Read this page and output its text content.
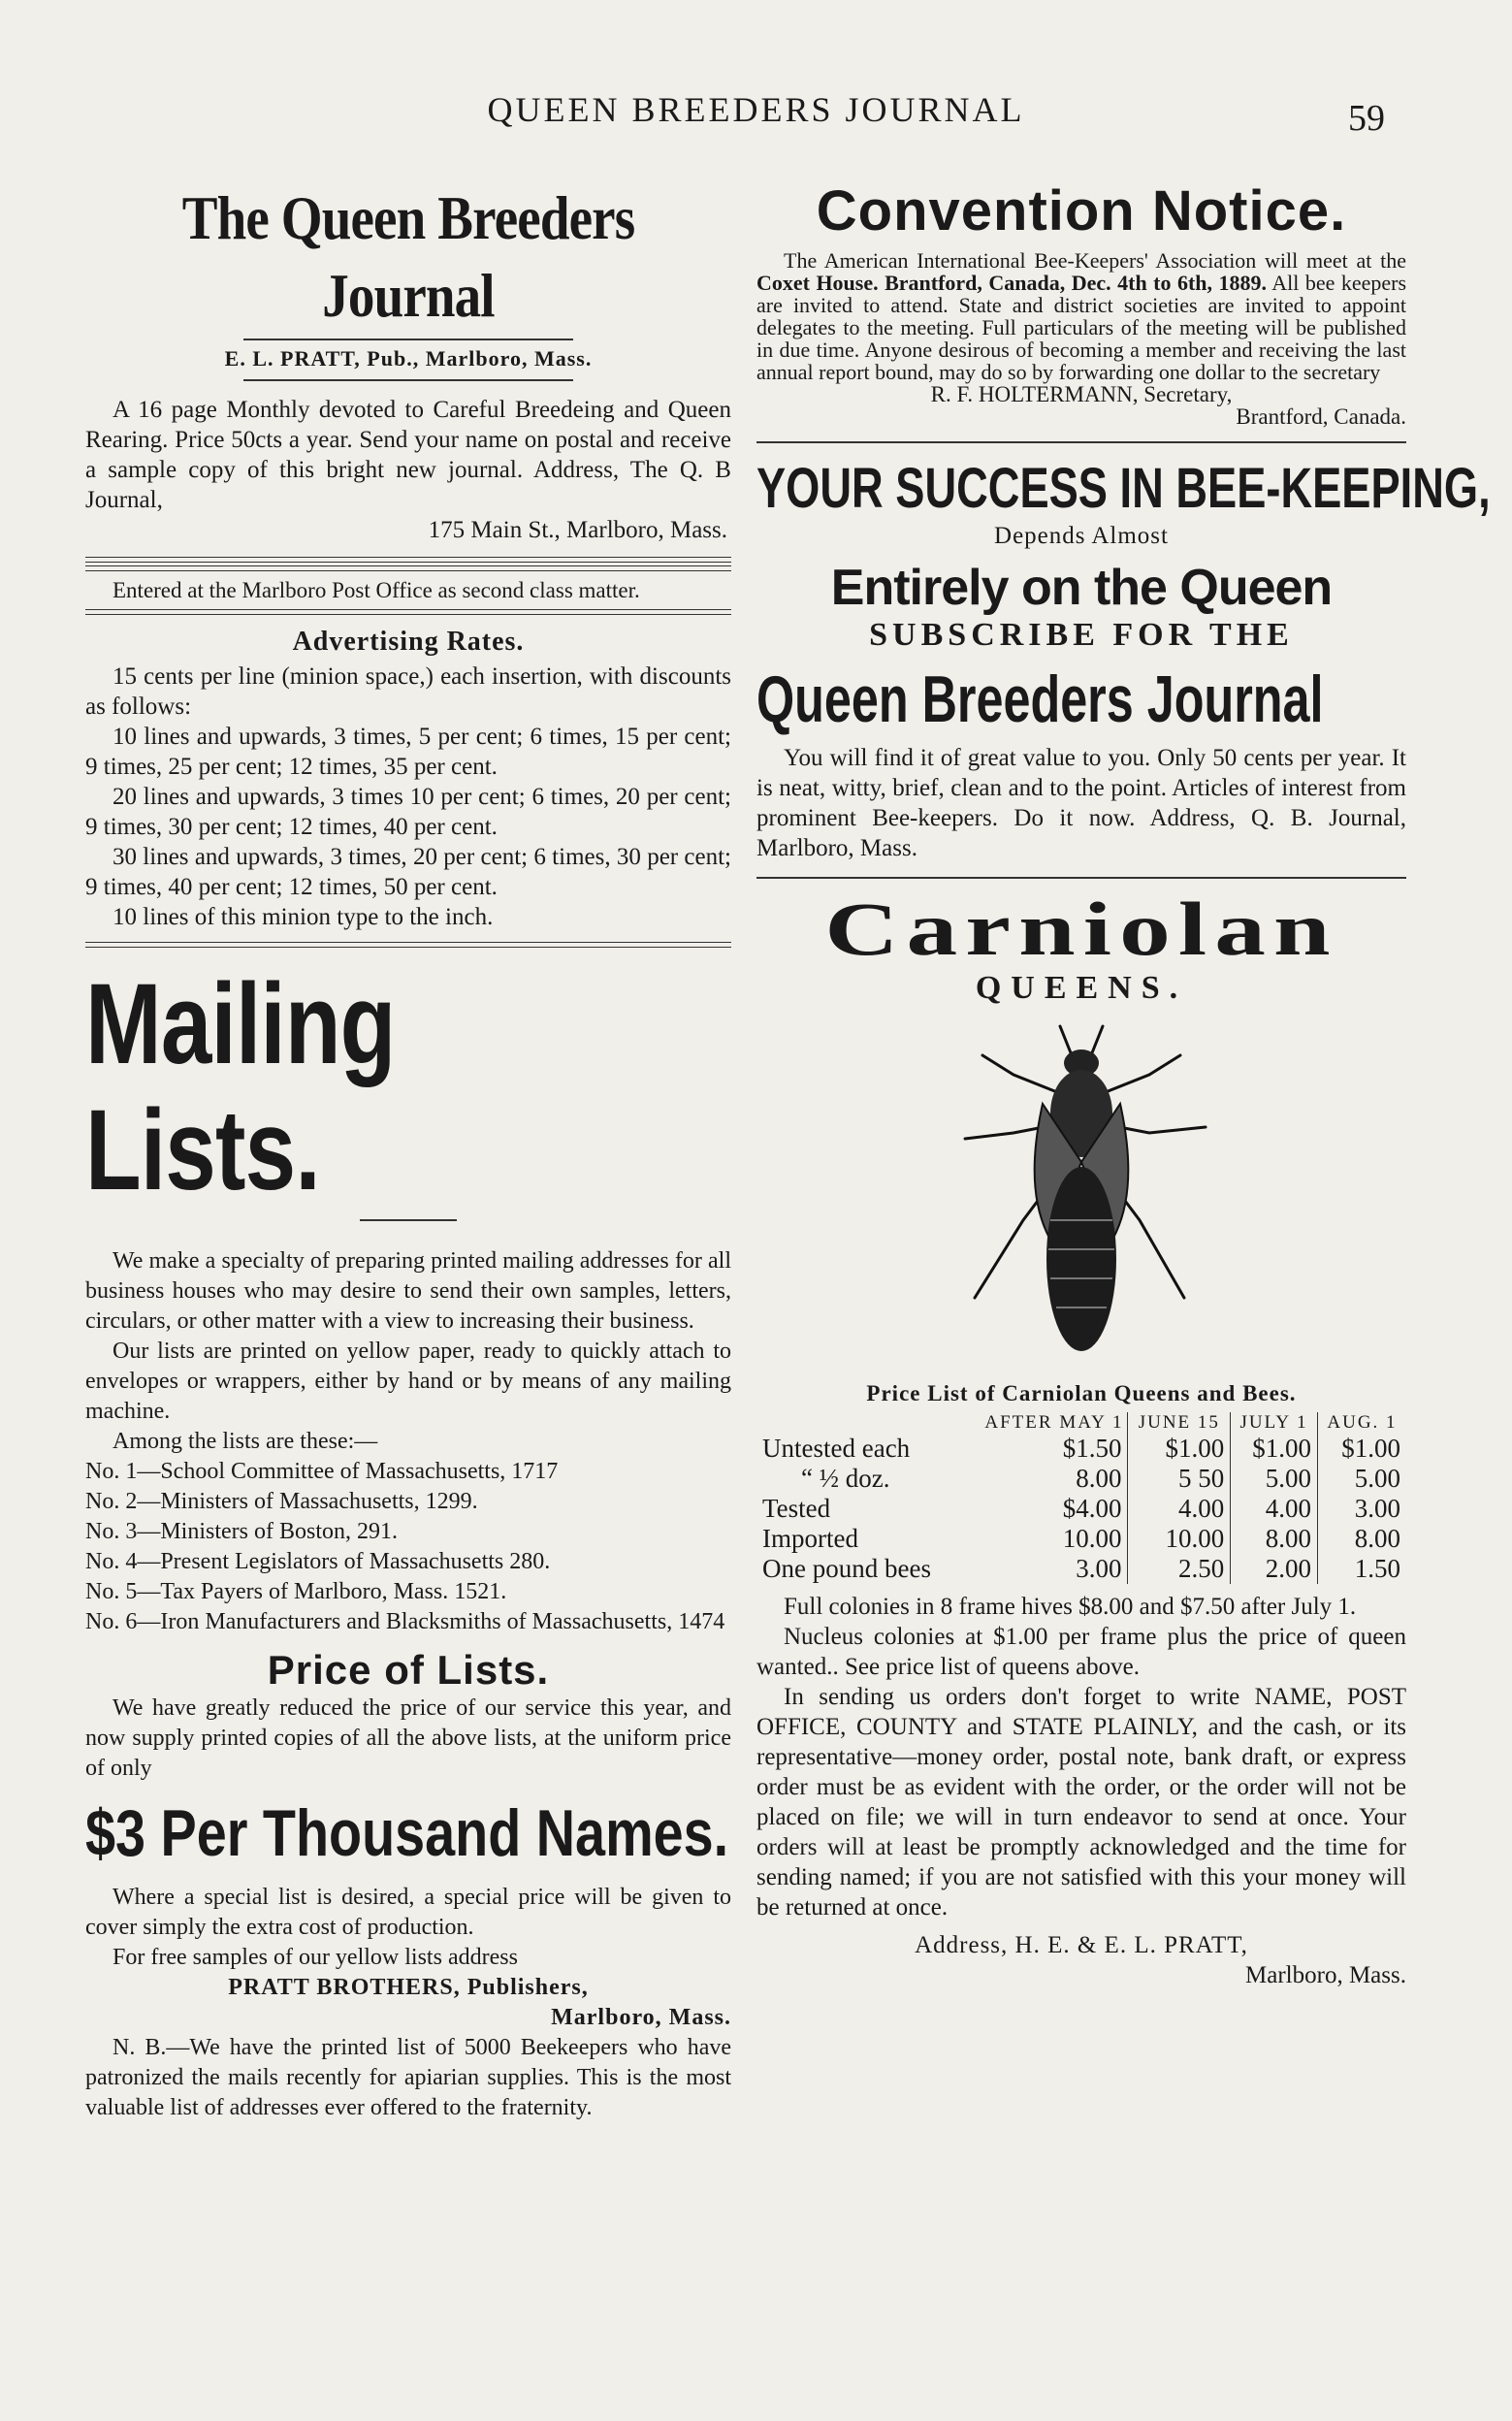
QUEEN BREEDERS JOURNAL	59
The Queen Breeders Journal

E. L. PRATT, Pub., Marlboro, Mass.

A 16 page Monthly devoted to Careful Breedeing and Queen Rearing. Price 50cts a year. Send your name on postal and receive a sample copy of this bright new journal. Address, The Q. B Journal,

175 Main St., Marlboro, Mass.

Entered at the Marlboro Post Office as second class matter.

Advertising Rates.

15 cents per line (minion space,) each insertion, with discounts as follows:

10 lines and upwards, 3 times, 5 per cent; 6 times, 15 per cent; 9 times, 25 per cent; 12 times, 35 per cent.

20 lines and upwards, 3 times 10 per cent; 6 times, 20 per cent; 9 times, 30 per cent; 12 times, 40 per cent.

30 lines and upwards, 3 times, 20 per cent; 6 times, 30 per cent; 9 times, 40 per cent; 12 times, 50 per cent.

10 lines of this minion type to the inch.

Mailing Lists.

We make a specialty of preparing printed mailing addresses for all business houses who may desire to send their own samples, letters, circulars, or other matter with a view to increasing their business.

Our lists are printed on yellow paper, ready to quickly attach to envelopes or wrappers, either by hand or by means of any mailing machine.

Among the lists are these:—

No. 1—School Committee of Massachusetts, 1717

No. 2—Ministers of Massachusetts, 1299.

No. 3—Ministers of Boston, 291.

No. 4—Present Legislators of Massachusetts 280.

No. 5—Tax Payers of Marlboro, Mass. 1521.

No. 6—Iron Manufacturers and Blacksmiths of Massachusetts, 1474

Price of Lists.

We have greatly reduced the price of our service this year, and now supply printed copies of all the above lists, at the uniform price of only

$3 Per Thousand Names.

Where a special list is desired, a special price will be given to cover simply the extra cost of production.

For free samples of our yellow lists address

PRATT BROTHERS, Publishers,

Marlboro, Mass.

N. B.—We have the printed list of 5000 Beekeepers who have patronized the mails recently for apiarian supplies. This is the most valuable list of addresses ever offered to the fraternity.

Convention Notice.

The American International Bee-Keepers' Association will meet at the Coxet House. Brantford, Canada, Dec. 4th to 6th, 1889. All bee keepers are invited to attend. State and district societies are invited to appoint delegates to the meeting. Full particulars of the meeting will be published in due time. Anyone desirous of becoming a member and receiving the last annual report bound, may do so by forwarding one dollar to the secretary

R. F. HOLTERMANN, Secretary,

Brantford, Canada.

YOUR SUCCESS IN BEE-KEEPING,

Depends Almost

Entirely on the Queen

SUBSCRIBE FOR THE

Queen Breeders Journal

You will find it of great value to you. Only 50 cents per year. It is neat, witty, brief, clean and to the point. Articles of interest from prominent Bee-keepers. Do it now. Address, Q. B. Journal, Marlboro, Mass.

Carniolan

QUEENS.

Price List of Carniolan Queens and Bees.

	AFTER MAY 1	JUNE 15	JULY 1	AUG. 1
Untested each	$1.50	$1.00	$1.00	$1.00
“ ½ doz.	8.00	5 50	5.00	5.00
Tested	$4.00	4.00	4.00	3.00
Imported	10.00	10.00	8.00	8.00
One pound bees	3.00	2.50	2.00	1.50

Full colonies in 8 frame hives $8.00 and $7.50 after July 1.

Nucleus colonies at $1.00 per frame plus the price of queen wanted.. See price list of queens above.

In sending us orders don't forget to write NAME, POST OFFICE, COUNTY and STATE PLAINLY, and the cash, or its representative—money order, postal note, bank draft, or express order must be as evident with the order, or the order will not be placed on file; we will in turn endeavor to send at once. Your orders will at least be promptly acknowledged and the time for sending named; if you are not satisfied with this your money will be returned at once.

Address, H. E. & E. L. PRATT,

Marlboro, Mass.
